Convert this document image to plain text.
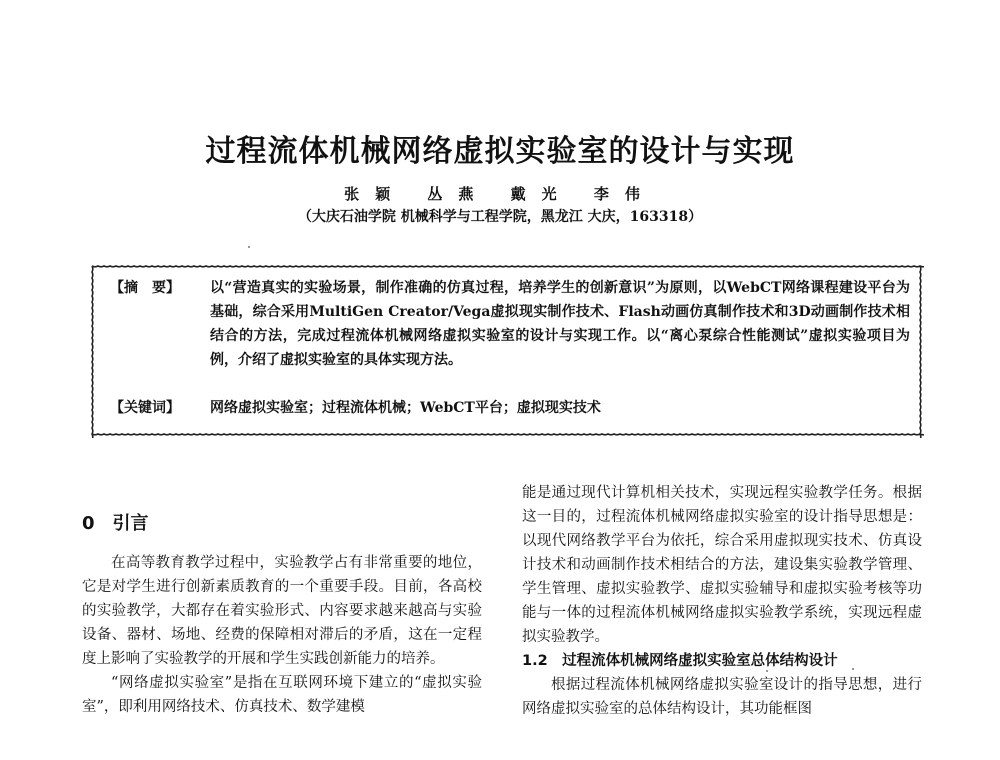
过程流体机械网络虚拟实验室的设计与实现
张颖 丛燕 戴光 李伟
（大庆石油学院 机械科学与工程学院，黑龙江 大庆，163318）
【摘　要】 以“营造真实的实验场景，制作准确的仿真过程，培养学生的创新意识”为原则，以WebCT网络课程建设平台为基础，综合采用MultiGen Creator/Vega虚拟现实制作技术、Flash动画仿真制作技术和3D动画制作技术相结合的方法，完成过程流体机械网络虚拟实验室的设计与实现工作。以“离心泵综合性能测试”虚拟实验项目为例，介绍了虚拟实验室的具体实现方法。
【关键词】 网络虚拟实验室；过程流体机械；WebCT平台；虚拟现实技术
0　引言

在高等教育教学过程中，实验教学占有非常重要的地位，它是对学生进行创新素质教育的一个重要手段。目前，各高校的实验教学，大都存在着实验形式、内容要求越来越高与实验设备、器材、场地、经费的保障相对滞后的矛盾，这在一定程度上影响了实验教学的开展和学生实践创新能力的培养。

“网络虚拟实验室”是指在互联网环境下建立的“虚拟实验室”，即利用网络技术、仿真技术、数学建模

能是通过现代计算机相关技术，实现远程实验教学任务。根据这一目的，过程流体机械网络虚拟实验室的设计指导思想是：以现代网络教学平台为依托，综合采用虚拟现实技术、仿真设计技术和动画制作技术相结合的方法，建设集实验教学管理、学生管理、虚拟实验教学、虚拟实验辅导和虚拟实验考核等功能与一体的过程流体机械网络虚拟实验教学系统，实现远程虚拟实验教学。

1.2　过程流体机械网络虚拟实验室总体结构设计

根据过程流体机械网络虚拟实验室设计的指导思想，进行网络虚拟实验室的总体结构设计，其功能框图
